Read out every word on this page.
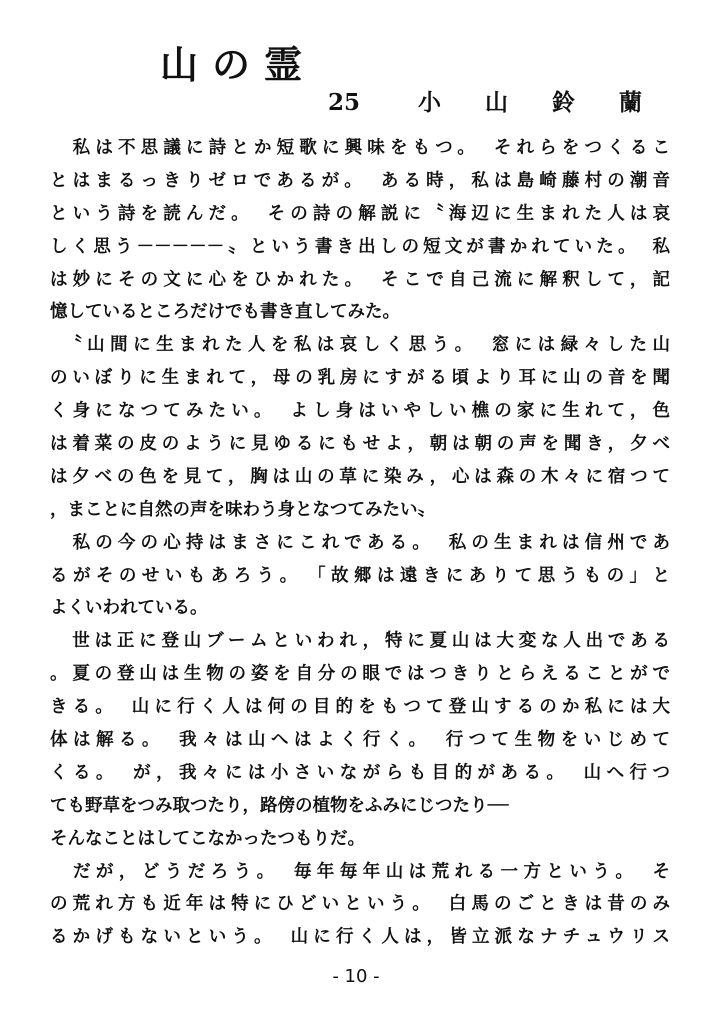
山の霊
25	小山鈴蘭
　私は不思議に詩とか短歌に興味をもつ。　それらをつくるこ
とはまるっきりゼロであるが。　ある時，私は島崎藤村の潮音
という詩を読んだ。　その詩の解説に〝海辺に生まれた人は哀
しく思う－－－－－〟という書き出しの短文が書かれていた。　私
は妙にその文に心をひかれた。　そこで自己流に解釈して，記
憶しているところだけでも書き直してみた。
　〝山間に生まれた人を私は哀しく思う。　窓には緑々した山
のいぼりに生まれて，母の乳房にすがる頃より耳に山の音を聞
く身になつてみたい。　よし身はいやしい樵の家に生れて，色
は着菜の皮のように見ゆるにもせよ，朝は朝の声を聞き，夕べ
は夕べの色を見て，胸は山の草に染み，心は森の木々に宿つて
，まことに自然の声を味わう身となつてみたい〟
　私の今の心持はまさにこれである。　私の生まれは信州であ
るがそのせいもあろう。　「故郷は遠きにありて思うもの」と
よくいわれている。
　世は正に登山ブームといわれ，特に夏山は大変な人出である
。夏の登山は生物の姿を自分の眼ではつきりとらえることがで
きる。　山に行く人は何の目的をもつて登山するのか私には大
体は解る。　我々は山へはよく行く。　行つて生物をいじめて
くる。　が，我々には小さいながらも目的がある。　山へ行つ
ても野草をつみ取つたり，路傍の植物をふみにじつたり──
そんなことはしてこなかったつもりだ。
　だが，どうだろう。　毎年毎年山は荒れる一方という。　そ
の荒れ方も近年は特にひどいという。　白馬のごときは昔のみ
るかげもないという。　山に行く人は，皆立派なナチュウリス
- 10 -
